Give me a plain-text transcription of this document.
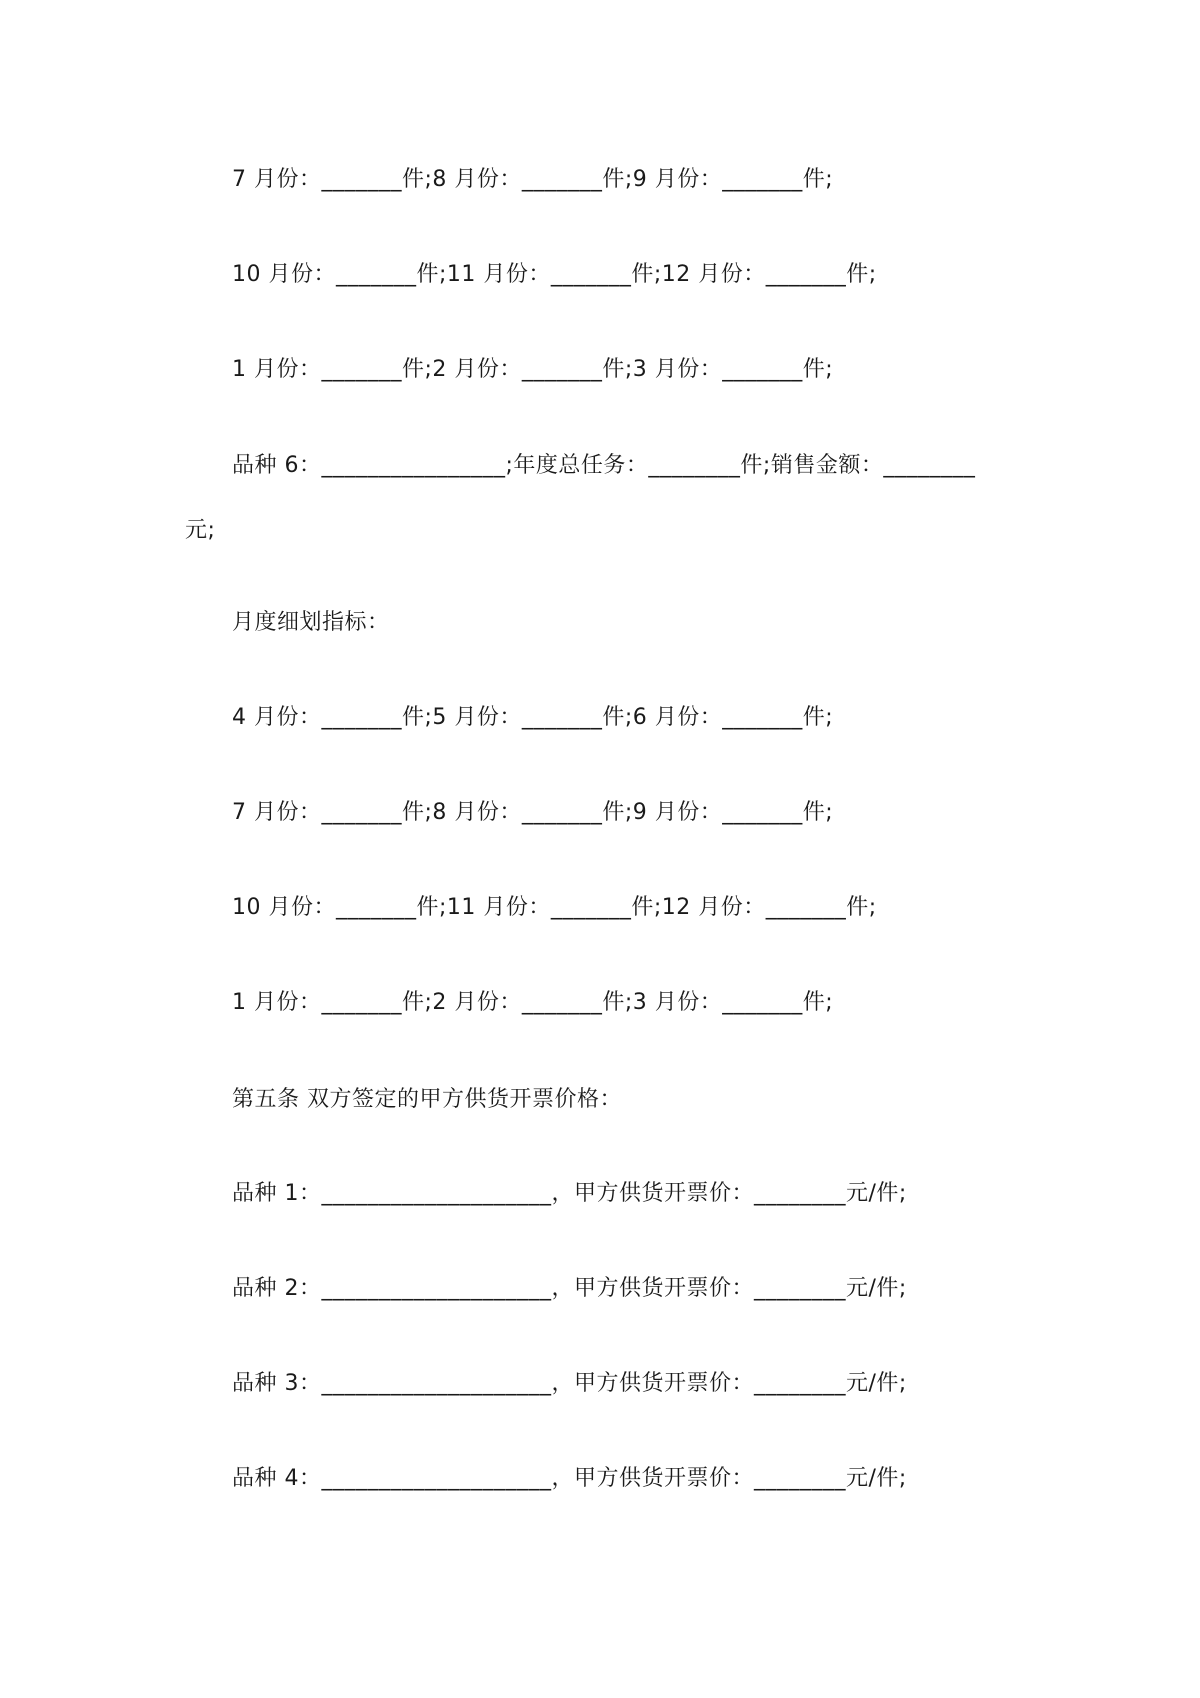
7 月份：_______件;8 月份：_______件;9 月份：_______件;

10 月份：_______件;11 月份：_______件;12 月份：_______件;

1 月份：_______件;2 月份：_______件;3 月份：_______件;

品种 6：________________;年度总任务：________件;销售金额：________

元;

月度细划指标：

4 月份：_______件;5 月份：_______件;6 月份：_______件;

7 月份：_______件;8 月份：_______件;9 月份：_______件;

10 月份：_______件;11 月份：_______件;12 月份：_______件;

1 月份：_______件;2 月份：_______件;3 月份：_______件;

第五条 双方签定的甲方供货开票价格：

品种 1：____________________，甲方供货开票价：________元/件;

品种 2：____________________，甲方供货开票价：________元/件;

品种 3：____________________，甲方供货开票价：________元/件;

品种 4：____________________，甲方供货开票价：________元/件;
